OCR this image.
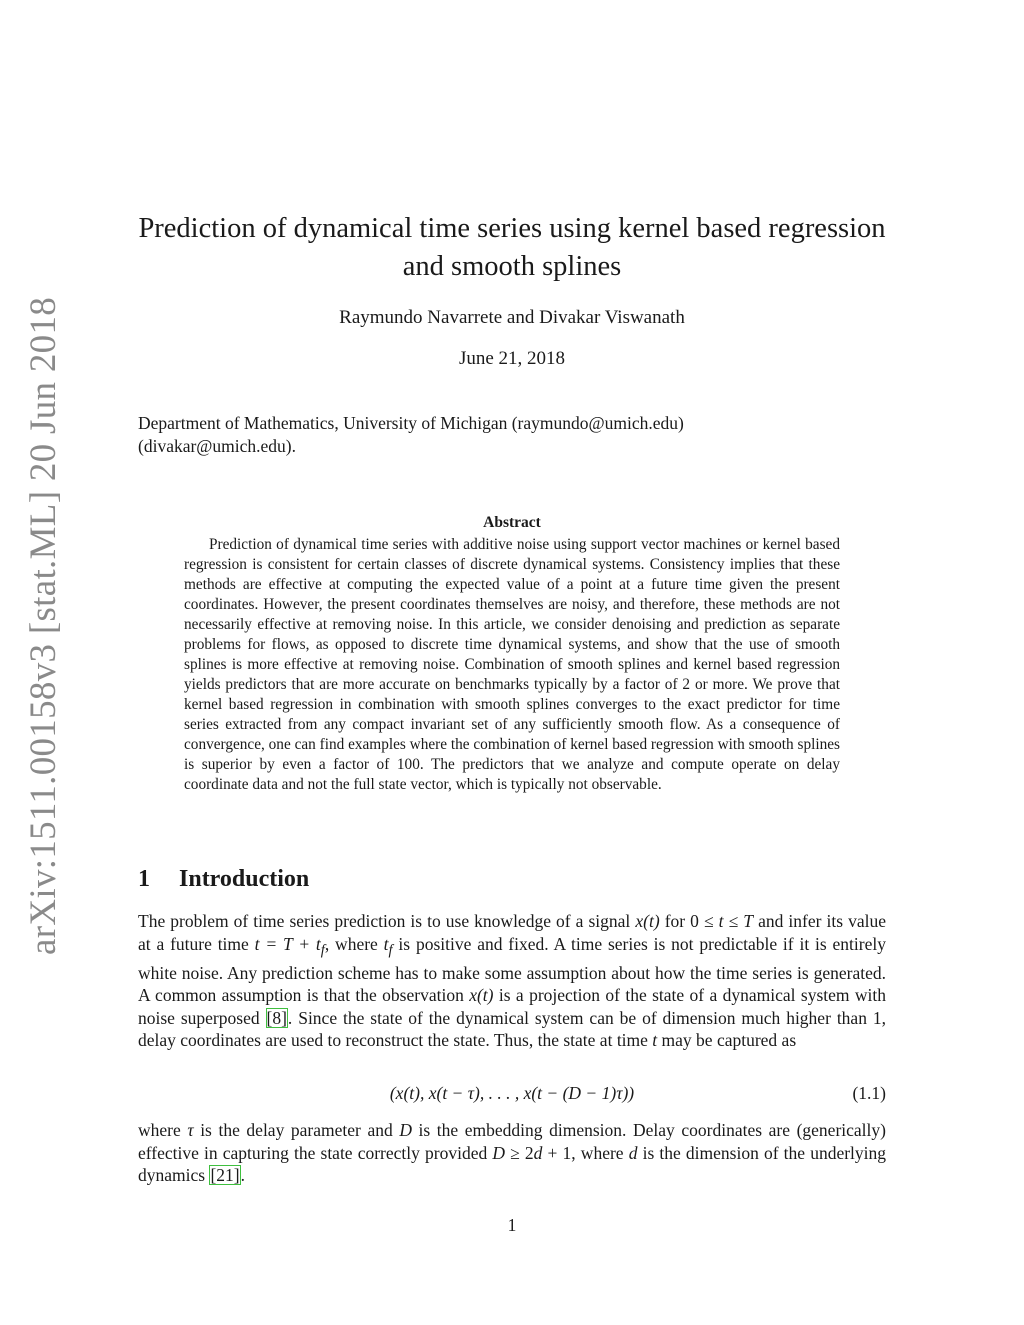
arXiv:1511.00158v3 [stat.ML] 20 Jun 2018
Prediction of dynamical time series using kernel based regression
and smooth splines
Raymundo Navarrete and Divakar Viswanath
June 21, 2018
Department of Mathematics, University of Michigan (raymundo@umich.edu)
(divakar@umich.edu).
Abstract
Prediction of dynamical time series with additive noise using support vector machines or kernel based regression is consistent for certain classes of discrete dynamical systems. Consistency implies that these methods are effective at computing the expected value of a point at a future time given the present coordinates. However, the present coordinates themselves are noisy, and therefore, these methods are not necessarily effective at removing noise. In this article, we consider denoising and prediction as separate problems for flows, as opposed to discrete time dynamical systems, and show that the use of smooth splines is more effective at removing noise. Combination of smooth splines and kernel based regression yields predictors that are more accurate on benchmarks typically by a factor of 2 or more. We prove that kernel based regression in combination with smooth splines converges to the exact predictor for time series extracted from any compact invariant set of any sufficiently smooth flow. As a consequence of convergence, one can find examples where the combination of kernel based regression with smooth splines is superior by even a factor of 100. The predictors that we analyze and compute operate on delay coordinate data and not the full state vector, which is typically not observable.
1 Introduction
The problem of time series prediction is to use knowledge of a signal x(t) for 0 ≤ t ≤ T and infer its value at a future time $t = T + t_f$, where $t_f$ is positive and fixed. A time series is not predictable if it is entirely white noise. Any prediction scheme has to make some assumption about how the time series is generated. A common assumption is that the observation x(t) is a projection of the state of a dynamical system with noise superposed [8]. Since the state of the dynamical system can be of dimension much higher than 1, delay coordinates are used to reconstruct the state. Thus, the state at time t may be captured as
(x(t), x(t − τ), . . . , x(t − (D − 1)τ))	(1.1)
where τ is the delay parameter and D is the embedding dimension. Delay coordinates are (generically) effective in capturing the state correctly provided D ≥ 2d + 1, where d is the dimension of the underlying dynamics [21].
1
